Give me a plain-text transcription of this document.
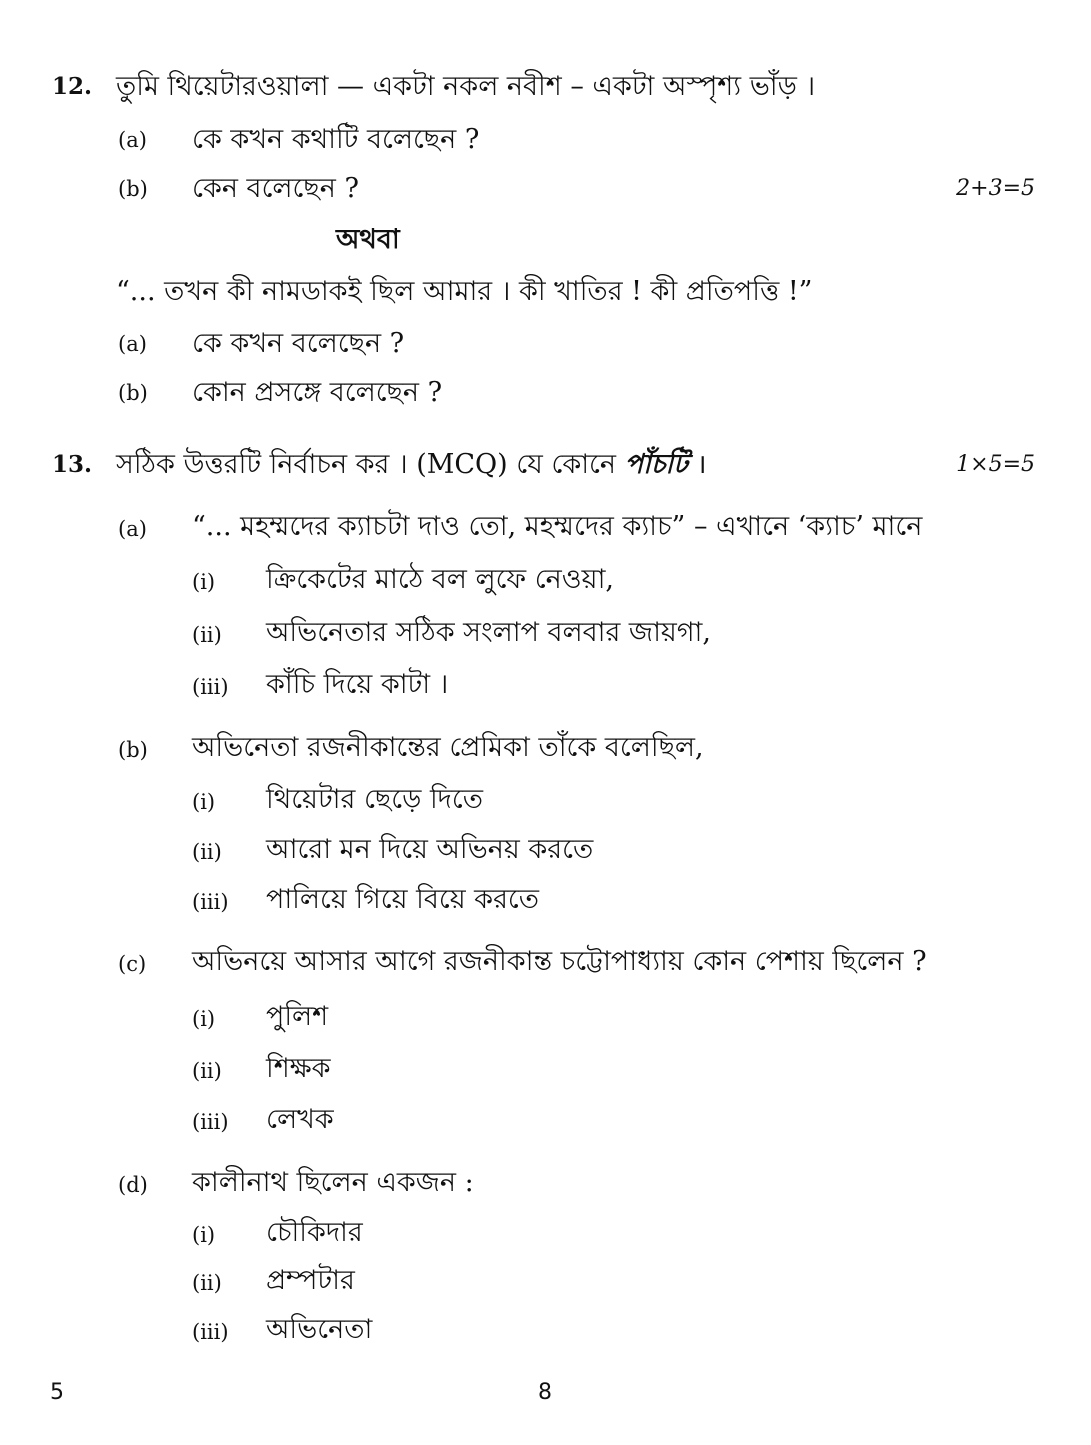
12. তুমি থিয়েটারওয়ালা — একটা নকল নবীশ – একটা অস্পৃশ্য ভাঁড় ।
(a) কে কখন কথাটি বলেছেন ?
(b) কেন বলেছেন ?	2+3=5
অথবা
“... তখন কী নামডাকই ছিল আমার । কী খাতির ! কী প্রতিপত্তি !”
(a) কে কখন বলেছেন ?
(b) কোন প্রসঙ্গে বলেছেন ?
13. সঠিক উত্তরটি নির্বাচন কর । (MCQ) যে কোনে পাঁচটি ।	1×5=5
(a) “... মহম্মদের ক্যাচটা দাও তো, মহম্মদের ক্যাচ” – এখানে ‘ক্যাচ’ মানে
(i) ক্রিকেটের মাঠে বল লুফে নেওয়া,
(ii) অভিনেতার সঠিক সংলাপ বলবার জায়গা,
(iii) কাঁচি দিয়ে কাটা ।
(b) অভিনেতা রজনীকান্তের প্রেমিকা তাঁকে বলেছিল,
(i) থিয়েটার ছেড়ে দিতে
(ii) আরো মন দিয়ে অভিনয় করতে
(iii) পালিয়ে গিয়ে বিয়ে করতে
(c) অভিনয়ে আসার আগে রজনীকান্ত চট্টোপাধ্যায় কোন পেশায় ছিলেন ?
(i) পুলিশ
(ii) শিক্ষক
(iii) লেখক
(d) কালীনাথ ছিলেন একজন :
(i) চৌকিদার
(ii) প্রম্পটার
(iii) অভিনেতা
5	8
